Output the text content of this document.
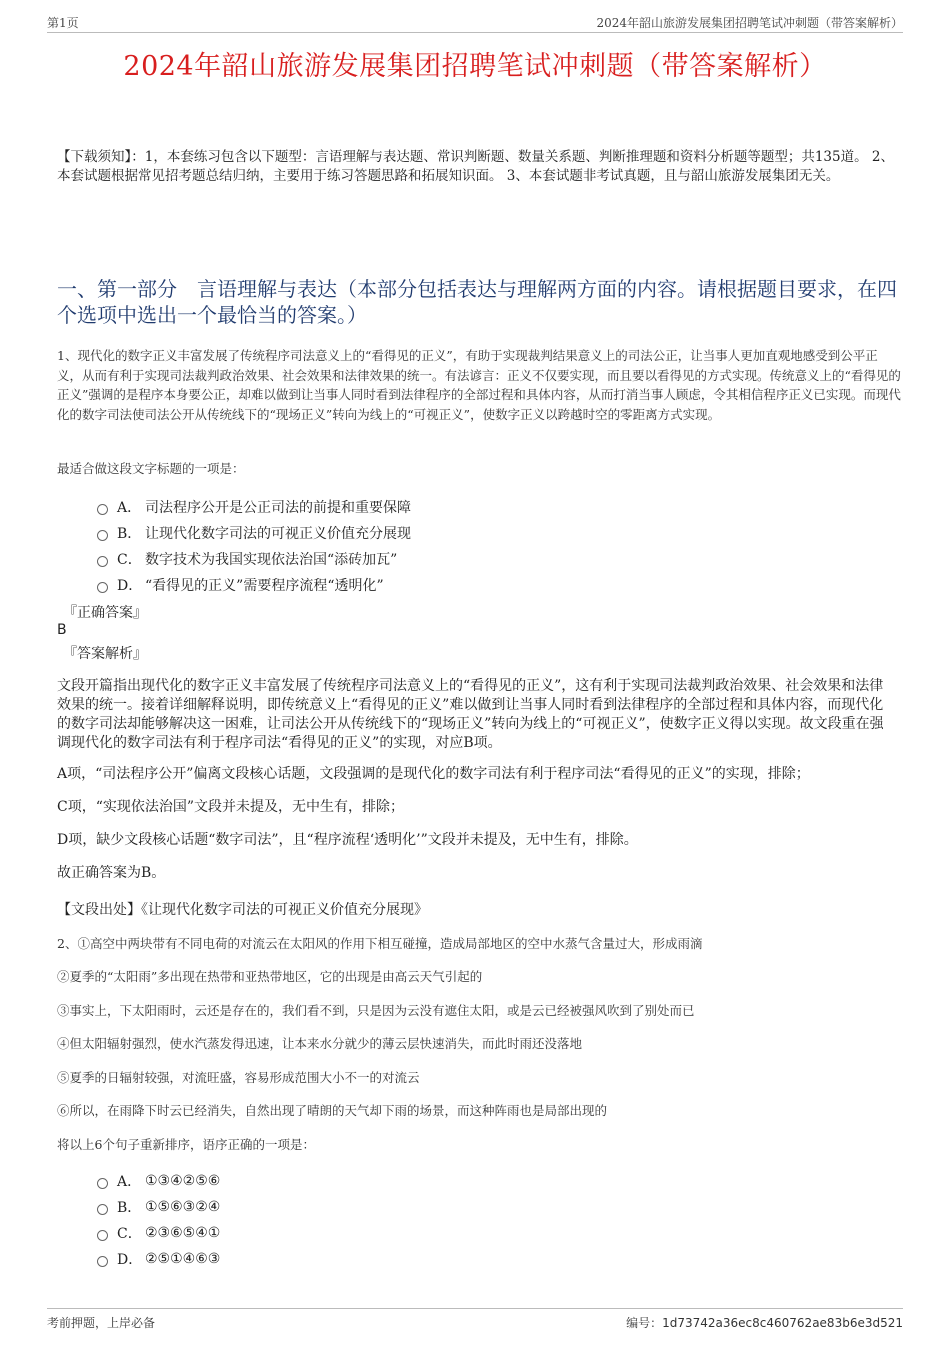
第1页	2024年韶山旅游发展集团招聘笔试冲刺题（带答案解析）
2024年韶山旅游发展集团招聘笔试冲刺题（带答案解析）
【下载须知】：1，本套练习包含以下题型：言语理解与表达题、常识判断题、数量关系题、判断推理题和资料分析题等题型；共135道。 2、本套试题根据常见招考题总结归纳，主要用于练习答题思路和拓展知识面。 3、本套试题非考试真题，且与韶山旅游发展集团无关。
一、第一部分　言语理解与表达（本部分包括表达与理解两方面的内容。请根据题目要求，在四个选项中选出一个最恰当的答案。）
1、现代化的数字正义丰富发展了传统程序司法意义上的“看得见的正义”，有助于实现裁判结果意义上的司法公正，让当事人更加直观地感受到公平正义，从而有利于实现司法裁判政治效果、社会效果和法律效果的统一。有法谚言：正义不仅要实现，而且要以看得见的方式实现。传统意义上的“看得见的正义”强调的是程序本身要公正，却难以做到让当事人同时看到法律程序的全部过程和具体内容，从而打消当事人顾虑，令其相信程序正义已实现。而现代化的数字司法使司法公开从传统线下的“现场正义”转向为线上的“可视正义”，使数字正义以跨越时空的零距离方式实现。
最适合做这段文字标题的一项是：
A． 司法程序公开是公正司法的前提和重要保障
B． 让现代化数字司法的可视正义价值充分展现
C． 数字技术为我国实现依法治国“添砖加瓦”
D． “看得见的正义”需要程序流程“透明化”
『正确答案』
B
『答案解析』
文段开篇指出现代化的数字正义丰富发展了传统程序司法意义上的“看得见的正义”，这有利于实现司法裁判政治效果、社会效果和法律效果的统一。接着详细解释说明，即传统意义上“看得见的正义”难以做到让当事人同时看到法律程序的全部过程和具体内容，而现代化的数字司法却能够解决这一困难，让司法公开从传统线下的“现场正义”转向为线上的“可视正义”，使数字正义得以实现。故文段重在强调现代化的数字司法有利于程序司法“看得见的正义”的实现，对应B项。
A项，“司法程序公开”偏离文段核心话题，文段强调的是现代化的数字司法有利于程序司法“看得见的正义”的实现，排除；
C项，“实现依法治国”文段并未提及，无中生有，排除；
D项，缺少文段核心话题“数字司法”，且“程序流程‘透明化’”文段并未提及，无中生有，排除。
故正确答案为B。
【文段出处】《让现代化数字司法的可视正义价值充分展现》
2、①高空中两块带有不同电荷的对流云在太阳风的作用下相互碰撞，造成局部地区的空中水蒸气含量过大，形成雨滴
②夏季的“太阳雨”多出现在热带和亚热带地区，它的出现是由高云天气引起的
③事实上，下太阳雨时，云还是存在的，我们看不到，只是因为云没有遮住太阳，或是云已经被强风吹到了别处而已
④但太阳辐射强烈，使水汽蒸发得迅速，让本来水分就少的薄云层快速消失，而此时雨还没落地
⑤夏季的日辐射较强，对流旺盛，容易形成范围大小不一的对流云
⑥所以，在雨降下时云已经消失，自然出现了晴朗的天气却下雨的场景，而这种阵雨也是局部出现的
将以上6个句子重新排序，语序正确的一项是：
A． ①③④②⑤⑥
B． ①⑤⑥③②④
C． ②③⑥⑤④①
D． ②⑤①④⑥③
考前押题，上岸必备	编号：1d73742a36ec8c460762ae83b6e3d521
